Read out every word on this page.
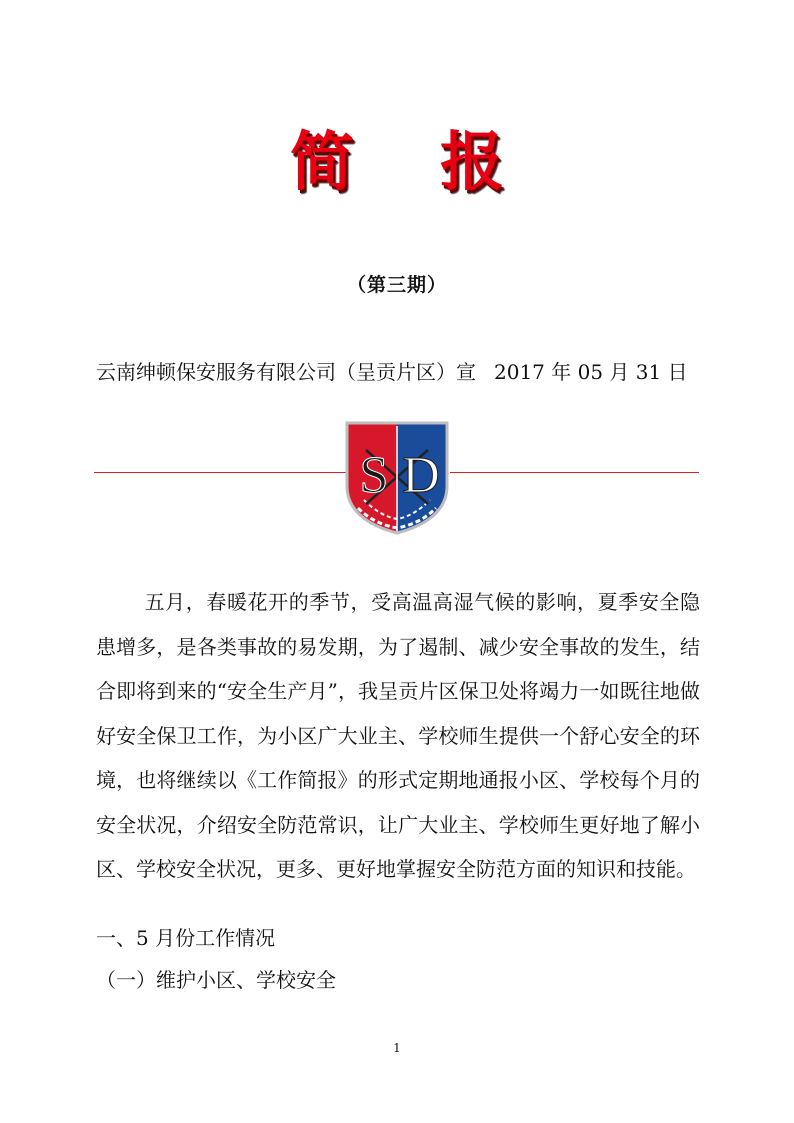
简 报
（第三期）
云南绅顿保安服务有限公司（呈贡片区）宣 2017 年 05 月 31 日
S D
五月，春暖花开的季节，受高温高湿气候的影响，夏季安全隐患增多，是各类事故的易发期，为了遏制、减少安全事故的发生，结合即将到来的“安全生产月”，我呈贡片区保卫处将竭力一如既往地做好安全保卫工作，为小区广大业主、学校师生提供一个舒心安全的环境，也将继续以《工作简报》的形式定期地通报小区、学校每个月的安全状况，介绍安全防范常识，让广大业主、学校师生更好地了解小区、学校安全状况，更多、更好地掌握安全防范方面的知识和技能。
一、5 月份工作情况
（一）维护小区、学校安全
1
